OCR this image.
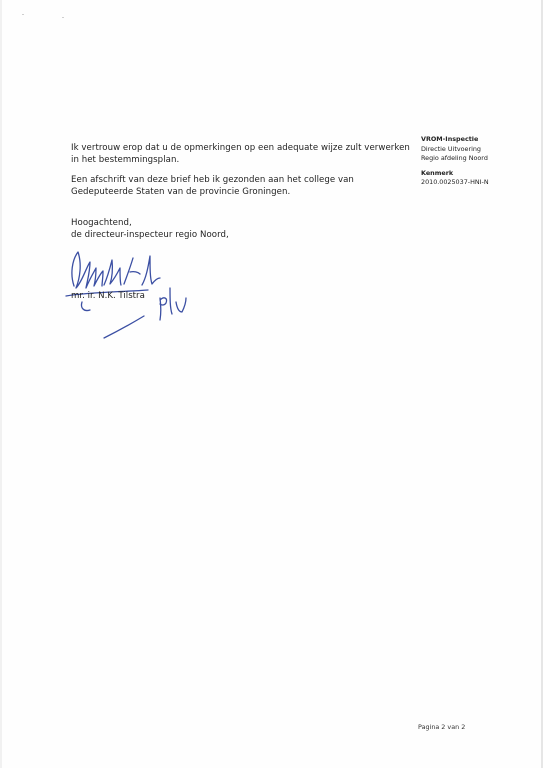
Ik vertrouw erop dat u de opmerkingen op een adequate wijze zult verwerken in het bestemmingsplan.
Een afschrift van deze brief heb ik gezonden aan het college van Gedeputeerde Staten van de provincie Groningen.
Hoogachtend,
de directeur-inspecteur regio Noord,
mr. ir. N.K. Tilstra
VROM-Inspectie
Directie Uitvoering
Regio afdeling Noord
Kenmerk
2010.0025037-HNI-N
Pagina 2 van 2
